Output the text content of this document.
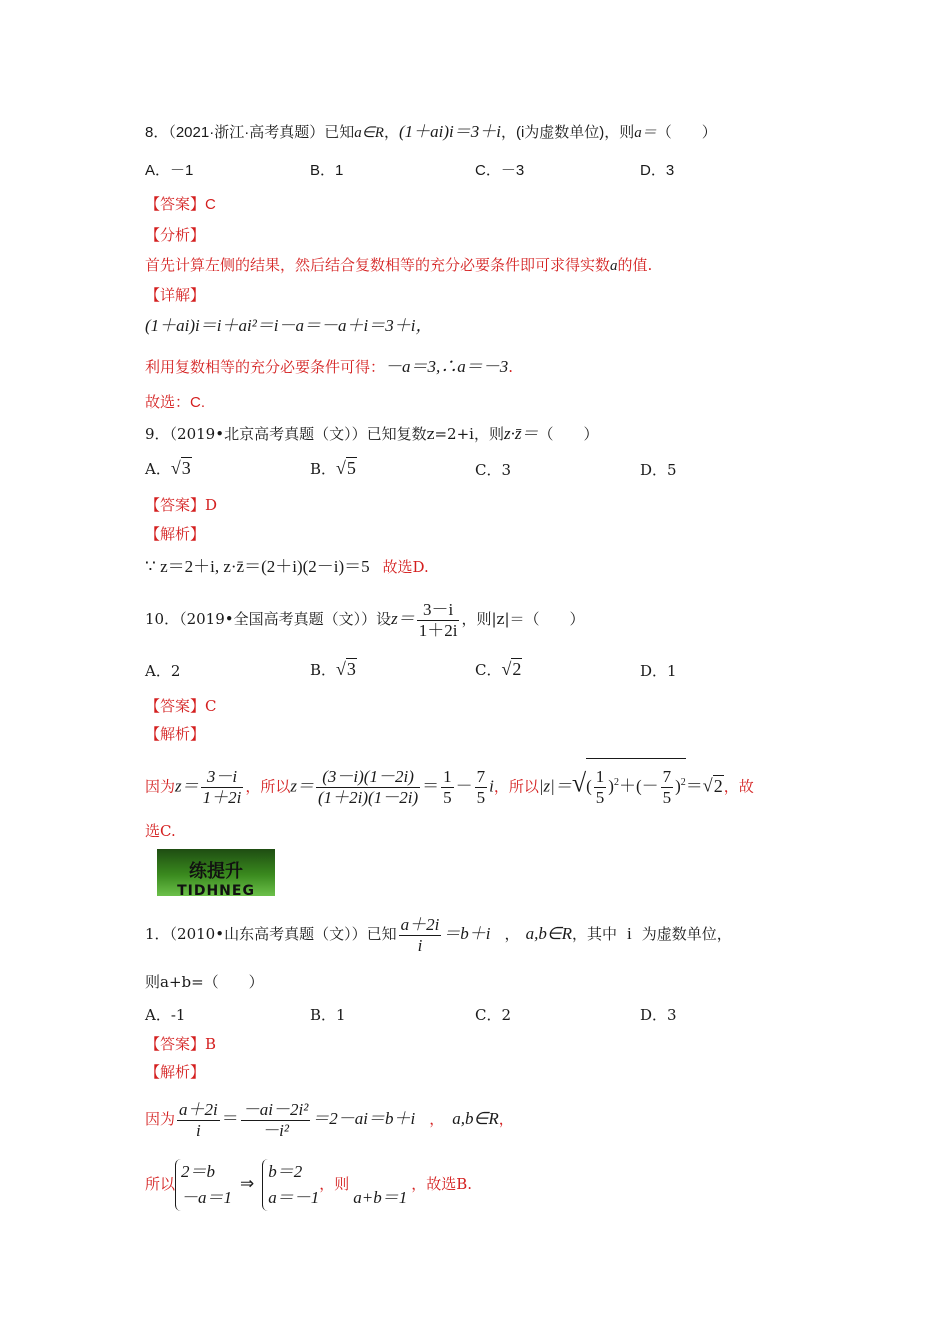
8．（2021·浙江·高考真题）已知a∈R，(1＋ai)i＝3＋i，(i为虚数单位)，则a＝（　　）
A．－1	B．1	C．－3	D．3
【答案】C
【分析】
首先计算左侧的结果，然后结合复数相等的充分必要条件即可求得实数a的值.
【详解】
(1＋ai)i＝i＋ai²＝i－a＝－a＋i＝3＋i，
利用复数相等的充分必要条件可得：－a＝3,∴a＝－3.
故选：C.
9．（2019•北京高考真题（文））已知复数z=2+i，则z·z̄＝（　　）
A．√3	B．√5	C．3	D．5
【答案】D
【解析】
∵ z＝2＋i, z·z̄＝(2＋i)(2－i)＝5 故选D.
10．（2019•全国高考真题（文））设$z= \frac{3-i}{1+2i}$ ，则|z|＝（　　）
A．2	B．√3	C．√2	D．1
【答案】C
【解析】
因为$z= \frac{3-i}{1+2i}$ ，所以$z= \frac{(3-i)(1-2i)}{(1+2i)(1-2i)} = \frac{1}{5} - \frac{7}{5}$ i，所以$|z|=√( \frac{1}{5} )^2+(- \frac{7}{5} )^2=√2$，故
选C.
练提升
TIDHNEG
1．（2010•山东高考真题（文））已知 $\frac{a+2i}{i} =b+i$ ， a,b∈R，其中 i 为虚数单位，
则a+b=（　　）
A．-1	B．1	C．2	D．3
【答案】B
【解析】
因为 $\frac{a+2i}{i} = \frac{\text{－ai－2i²}}{\text{－i²}} =2-ai=b+i$ ， a,b∈R，
所以
2＝b
－a＝1
⇒
b＝2
a＝－1
，则a+b＝1，故选B.
